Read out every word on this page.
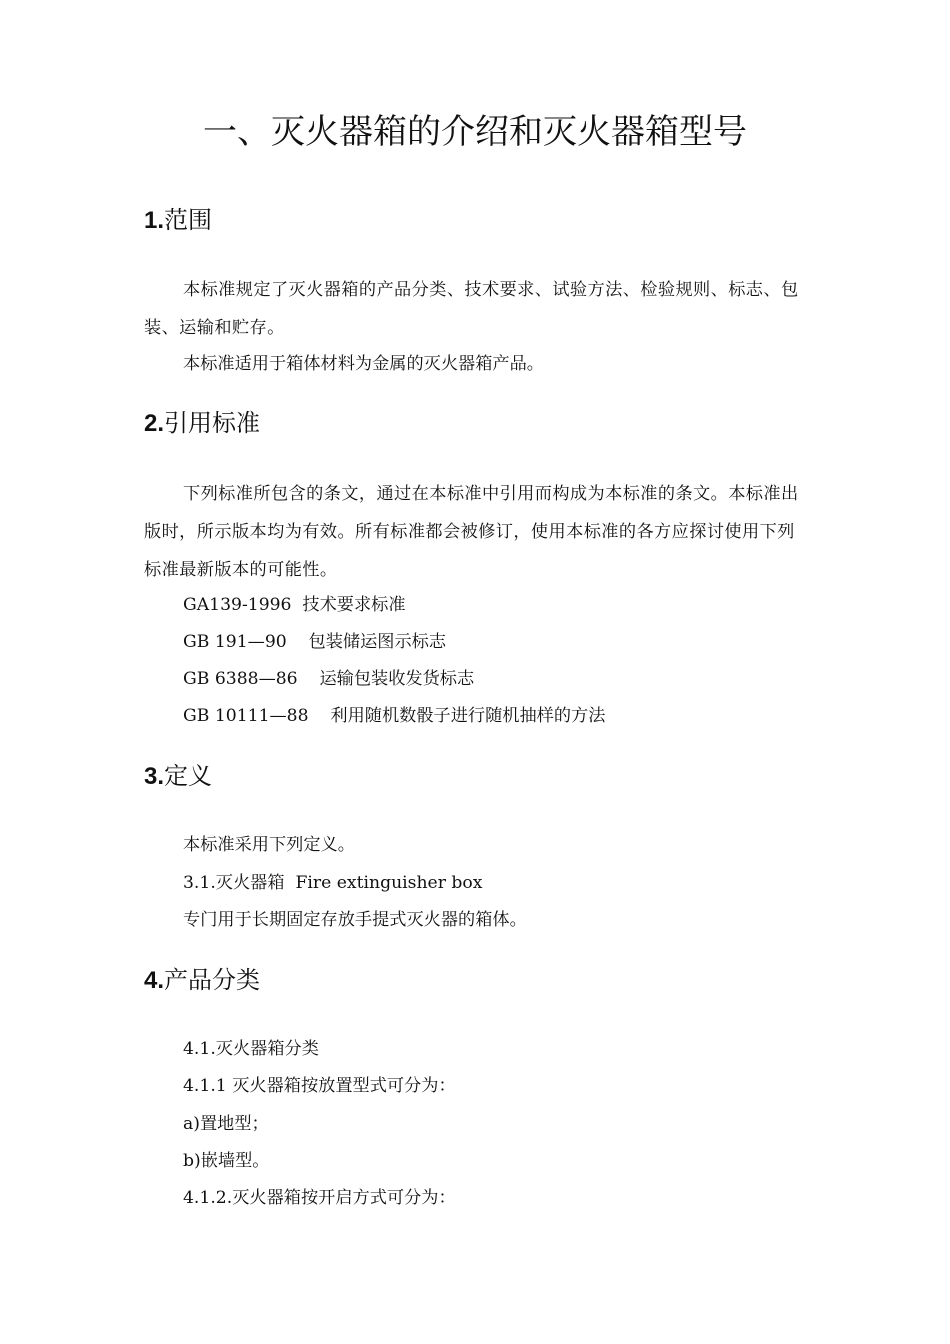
一、灭火器箱的介绍和灭火器箱型号
1.范围
本标准规定了灭火器箱的产品分类、技术要求、试验方法、检验规则、标志、包装、运输和贮存。
本标准适用于箱体材料为金属的灭火器箱产品。
2.引用标准
下列标准所包含的条文，通过在本标准中引用而构成为本标准的条文。本标准出版时，所示版本均为有效。所有标准都会被修订，使用本标准的各方应探讨使用下列标准最新版本的可能性。
GA139-1996  技术要求标准
GB 191—90    包装储运图示标志
GB 6388—86    运输包装收发货标志
GB 10111—88    利用随机数骰子进行随机抽样的方法
3.定义
本标准采用下列定义。
3.1.灭火器箱  Fire extinguisher box
专门用于长期固定存放手提式灭火器的箱体。
4.产品分类
4.1.灭火器箱分类
4.1.1 灭火器箱按放置型式可分为：
a)置地型；
b)嵌墙型。
4.1.2.灭火器箱按开启方式可分为：
